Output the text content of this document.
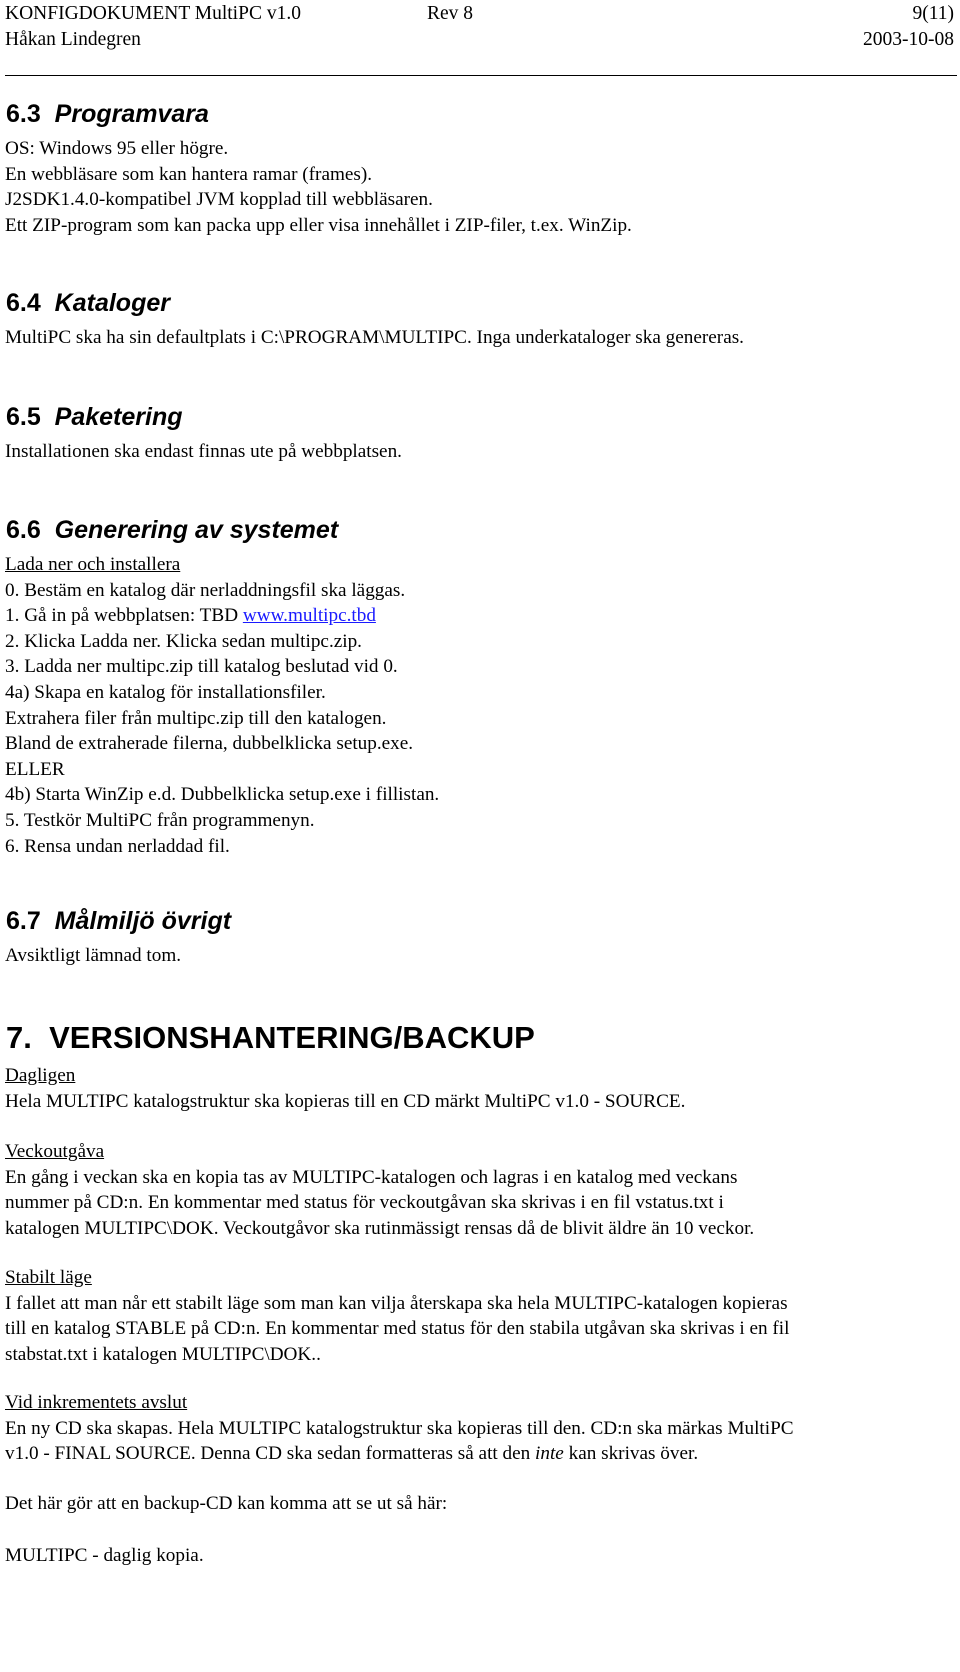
KONFIGDOKUMENT MultiPC v1.0	Rev 8	9(11)
Håkan Lindegren	2003-10-08
6.3 Programvara
OS: Windows 95 eller högre.
En webbläsare som kan hantera ramar (frames).
J2SDK1.4.0-kompatibel JVM kopplad till webbläsaren.
Ett ZIP-program som kan packa upp eller visa innehållet i ZIP-filer, t.ex. WinZip.
6.4 Kataloger
MultiPC ska ha sin defaultplats i C:\PROGRAM\MULTIPC. Inga underkataloger ska genereras.
6.5 Paketering
Installationen ska endast finnas ute på webbplatsen.
6.6 Generering av systemet
Lada ner och installera
0. Bestäm en katalog där nerladdningsfil ska läggas.
1. Gå in på webbplatsen: TBD www.multipc.tbd
2. Klicka Ladda ner. Klicka sedan multipc.zip.
3. Ladda ner multipc.zip till katalog beslutad vid 0.
4a) Skapa en katalog för installationsfiler.
Extrahera filer från multipc.zip till den katalogen.
Bland de extraherade filerna, dubbelklicka setup.exe.
ELLER
4b) Starta WinZip e.d. Dubbelklicka setup.exe i fillistan.
5. Testkör MultiPC från programmenyn.
6. Rensa undan nerladdad fil.
6.7 Målmiljö övrigt
Avsiktligt lämnad tom.
7. VERSIONSHANTERING/BACKUP
Dagligen
Hela MULTIPC katalogstruktur ska kopieras till en CD märkt MultiPC v1.0 - SOURCE.
Veckoutgåva
En gång i veckan ska en kopia tas av MULTIPC-katalogen och lagras i en katalog med veckans
nummer på CD:n. En kommentar med status för veckoutgåvan ska skrivas i en fil vstatus.txt i
katalogen MULTIPC\DOK. Veckoutgåvor ska rutinmässigt rensas då de blivit äldre än 10 veckor.
Stabilt läge
I fallet att man når ett stabilt läge som man kan vilja återskapa ska hela MULTIPC-katalogen kopieras
till en katalog STABLE på CD:n. En kommentar med status för den stabila utgåvan ska skrivas i en fil
stabstat.txt i katalogen MULTIPC\DOK..
Vid inkrementets avslut
En ny CD ska skapas. Hela MULTIPC katalogstruktur ska kopieras till den. CD:n ska märkas MultiPC
v1.0 - FINAL SOURCE. Denna CD ska sedan formatteras så att den inte kan skrivas över.
Det här gör att en backup-CD kan komma att se ut så här:
MULTIPC - daglig kopia.
